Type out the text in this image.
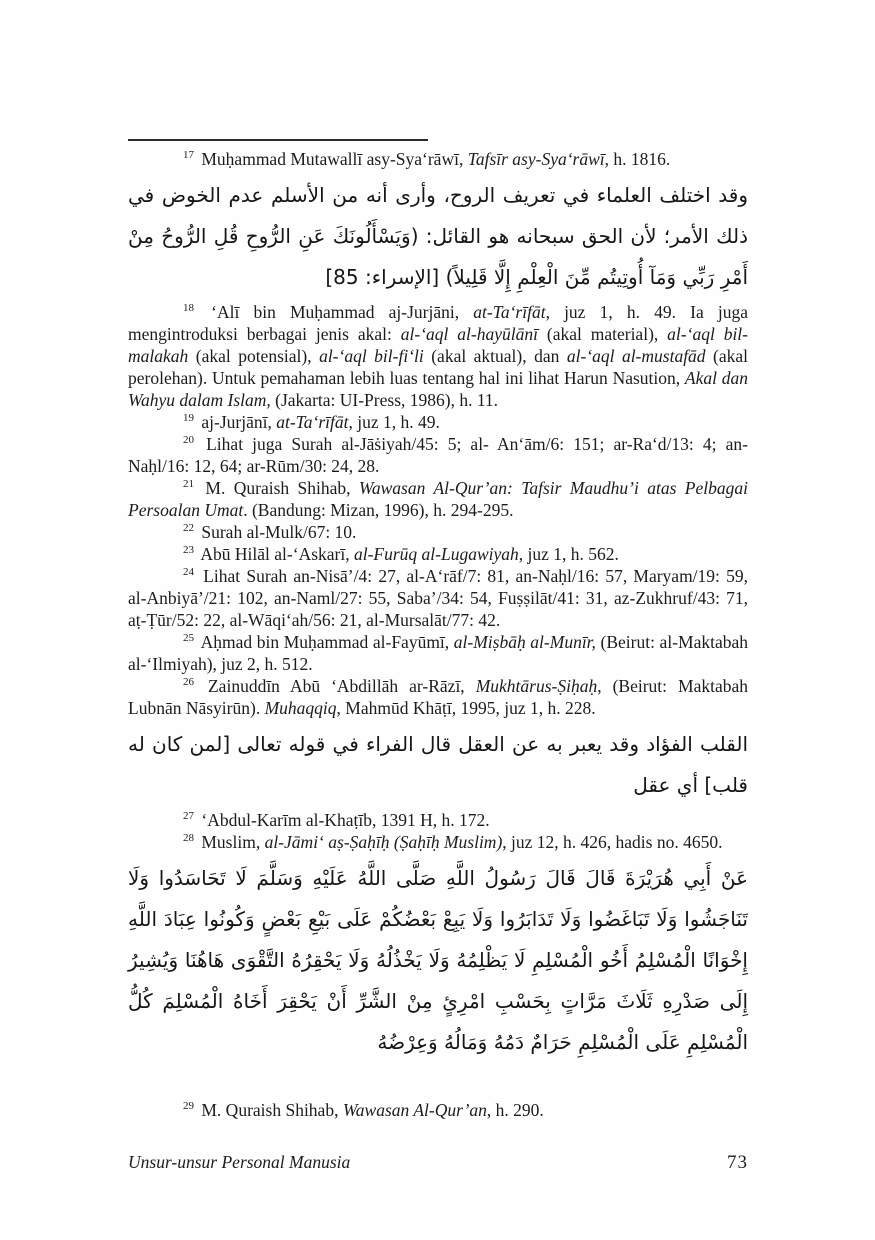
$^{17}$ Muḥammad Mutawallī asy-Sya‘rāwī, Tafsīr asy-Sya‘rāwī, h. 1816.

وقد اختلف العلماء في تعريف الروح، وأرى أنه من الأسلم عدم الخوض في ذلك الأمر؛ لأن الحق سبحانه هو القائل: (وَيَسْأَلُونَكَ عَنِ الرُّوحِ قُلِ الرُّوحُ مِنْ أَمْرِ رَبِّي وَمَآ أُوتِيتُم مِّنَ الْعِلْمِ إِلَّا قَلِيلاً) [الإسراء: 85]

$^{18}$ ‘Alī bin Muḥammad aj-Jurjāni, at-Ta‘rīfāt, juz 1, h. 49. Ia juga mengintroduksi berbagai jenis akal: al-‘aql al-hayūlānī (akal material), al-‘aql bil-malakah (akal potensial), al-‘aql bil-fi‘li (akal aktual), dan al-‘aql al-mustafād (akal perolehan). Untuk pemahaman lebih luas tentang hal ini lihat Harun Nasution, Akal dan Wahyu dalam Islam, (Jakarta: UI-Press, 1986), h. 11.

$^{19}$ aj-Jurjānī, at-Ta‘rīfāt, juz 1, h. 49.

$^{20}$ Lihat juga Surah al-Jāṡiyah/45: 5; al- An‘ām/6: 151; ar-Ra‘d/13: 4; an-Naḥl/16: 12, 64; ar-Rūm/30: 24, 28.

$^{21}$ M. Quraish Shihab, Wawasan Al-Qur’an: Tafsir Maudhu’i atas Pelbagai Persoalan Umat. (Bandung: Mizan, 1996), h. 294-295.

$^{22}$ Surah al-Mulk/67: 10.

$^{23}$ Abū Hilāl al-‘Askarī, al-Furūq al-Lugawiyah, juz 1, h. 562.

$^{24}$ Lihat Surah an-Nisā’/4: 27, al-A‘rāf/7: 81, an-Naḥl/16: 57, Maryam/19: 59, al-Anbiyā’/21: 102, an-Naml/27: 55, Saba’/34: 54, Fuṣṣilāt/41: 31, az-Zukhruf/43: 71, aṭ-Ṭūr/52: 22, al-Wāqi‘ah/56: 21, al-Mursalāt/77: 42.

$^{25}$ Aḥmad bin Muḥammad al-Fayūmī, al-Miṣbāḥ al-Munīr, (Beirut: al-Maktabah al-‘Ilmiyah), juz 2, h. 512.

$^{26}$ Zainuddīn Abū ‘Abdillāh ar-Rāzī, Mukhtārus-Ṣiḥaḥ, (Beirut: Maktabah Lubnān Nāsyirūn). Muhaqqiq, Mahmūd Khāṭī, 1995, juz 1, h. 228.

القلب الفؤاد وقد يعبر به عن العقل قال الفراء في قوله تعالى [لمن كان له قلب] أي عقل

$^{27}$ ‘Abdul-Karīm al-Khaṭīb, 1391 H, h. 172.

$^{28}$ Muslim, al-Jāmi‘ aṣ-Ṣaḥīḥ (Ṣaḥīḥ Muslim), juz 12, h. 426, hadis no. 4650.

عَنْ أَبِي هُرَيْرَةَ قَالَ قَالَ رَسُولُ اللَّهِ صَلَّى اللَّهُ عَلَيْهِ وَسَلَّمَ لَا تَحَاسَدُوا وَلَا تَنَاجَشُوا وَلَا تَبَاغَضُوا وَلَا تَدَابَرُوا وَلَا يَبِعْ بَعْضُكُمْ عَلَى بَيْعِ بَعْضٍ وَكُونُوا عِبَادَ اللَّهِ إِخْوَانًا الْمُسْلِمُ أَخُو الْمُسْلِمِ لَا يَظْلِمُهُ وَلَا يَخْذُلُهُ وَلَا يَحْقِرُهُ التَّقْوَى هَاهُنَا وَيُشِيرُ إِلَى صَدْرِهِ ثَلَاثَ مَرَّاتٍ بِحَسْبِ امْرِئٍ مِنْ الشَّرِّ أَنْ يَحْقِرَ أَخَاهُ الْمُسْلِمَ كُلُّ الْمُسْلِمِ عَلَى الْمُسْلِمِ حَرَامٌ دَمُهُ وَمَالُهُ وَعِرْضُهُ

$^{29}$ M. Quraish Shihab, Wawasan Al-Qur’an, h. 290.

Unsur-unsur Personal Manusia	73
